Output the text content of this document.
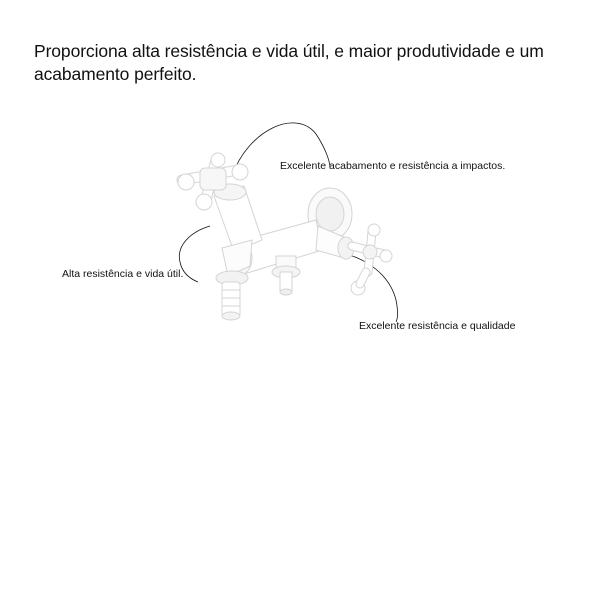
Proporciona alta resistência e vida útil, e maior produtividade e um acabamento perfeito.

Excelente acabamento e resistência a impactos.
Alta resistência e vida útil.
Excelente resistência e qualidade
